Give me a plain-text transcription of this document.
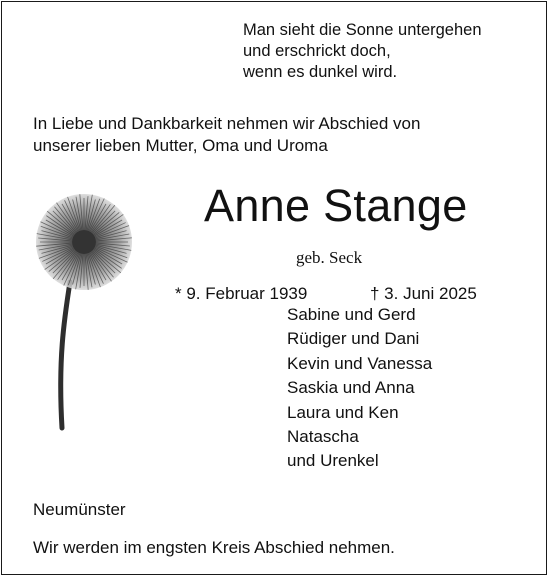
Man sieht die Sonne untergehen
und erschrickt doch,
wenn es dunkel wird.
In Liebe und Dankbarkeit nehmen wir Abschied von
unserer lieben Mutter, Oma und Uroma
Anne Stange
geb. Seck
* 9. Februar 1939	† 3. Juni 2025
Sabine und Gerd
Rüdiger und Dani
Kevin und Vanessa
Saskia und Anna
Laura und Ken
Natascha
und Urenkel
Neumünster
Wir werden im engsten Kreis Abschied nehmen.
